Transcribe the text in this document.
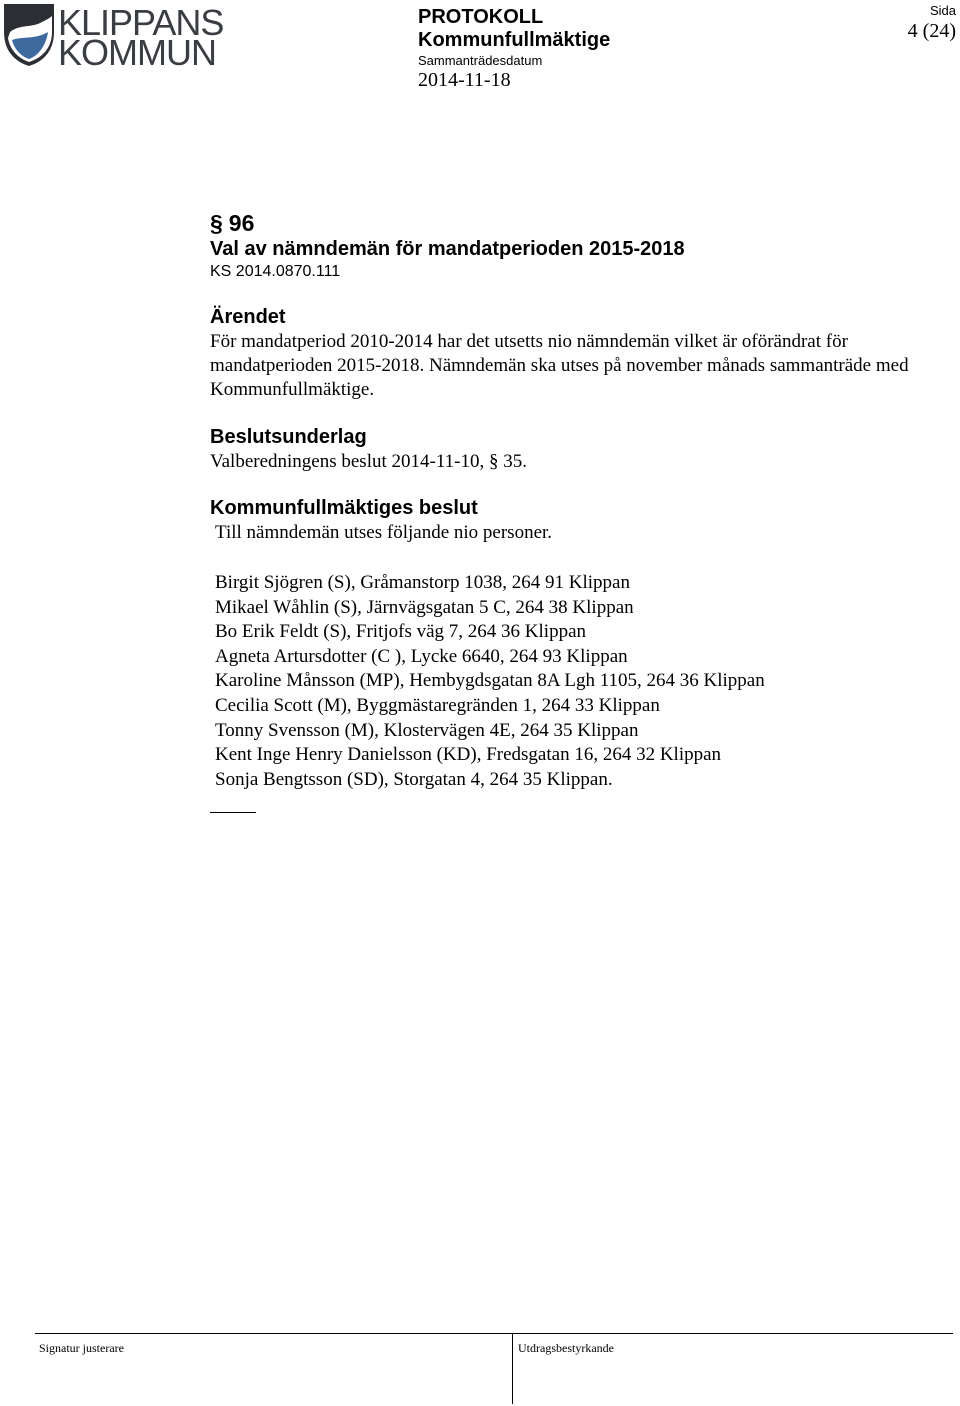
KLIPPANS
KOMMUN
PROTOKOLL
Kommunfullmäktige
Sammanträdesdatum
2014-11-18
Sida
4 (24)
§ 96
Val av nämndemän för mandatperioden 2015-2018
KS 2014.0870.111
Ärendet
För mandatperiod 2010-2014 har det utsetts nio nämndemän vilket är oförändrat för mandatperioden 2015-2018. Nämndemän ska utses på november månads sammanträde med Kommunfullmäktige.
Beslutsunderlag
Valberedningens beslut 2014-11-10, § 35.
Kommunfullmäktiges beslut
Till nämndemän utses följande nio personer.
Birgit Sjögren (S), Gråmanstorp 1038, 264 91 Klippan
Mikael Wåhlin (S), Järnvägsgatan 5 C, 264 38 Klippan
Bo Erik Feldt (S), Fritjofs väg 7, 264 36 Klippan
Agneta Artursdotter (C ), Lycke 6640, 264 93 Klippan
Karoline Månsson (MP), Hembygdsgatan 8A Lgh 1105, 264 36 Klippan
Cecilia Scott (M), Byggmästaregränden 1, 264 33 Klippan
Tonny Svensson (M), Klostervägen 4E, 264 35 Klippan
Kent Inge Henry Danielsson (KD), Fredsgatan 16, 264 32 Klippan
Sonja Bengtsson (SD), Storgatan 4, 264 35 Klippan.
Signatur justerare	Utdragsbestyrkande
